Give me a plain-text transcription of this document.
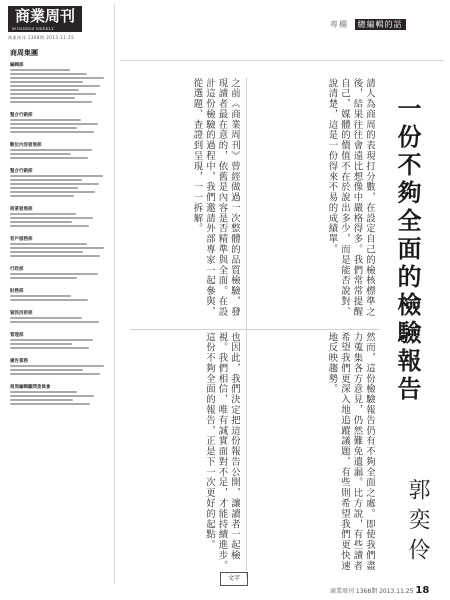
商業周刊
BUSINESS WEEKLY
商業周刊 1368期 2013.11.25
商周集團
編輯部
整合行銷部
數位內容發展部
整合行銷部
商業發展部
客戶服務部
行政部
財務部
資訊技術部
管理部
廣告業務
商周編輯顧問委員會
專欄 總編輯的話
一份不夠全面的檢驗報告
郭奕伶
請人為商周的表現打分數，在設定自己的檢核標準之後，結果往往會遠比想像中嚴格得多。我們常常提醒自己，媒體的價值不在於說出多少，而是能否說對、說清楚，這是一份得來不易的成績單。
之前《商業周刊》曾經做過一次整體的品質檢驗，發現讀者最在意的，依舊是內容是否精準與全面。在設計這份檢驗的過程中，我們邀請外部專家一起參與，從選題、查證到呈現，一一拆解。
然而，這份檢驗報告仍有不夠全面之處。即使我們盡力蒐集各方意見，仍然難免遺漏。比方說，有些讀者希望我們更深入地追蹤議題，有些則希望我們更快速地反映趨勢。
也因此，我們決定把這份報告公開，讓讀者一起檢視。我們相信，唯有誠實面對不足，才能持續進步。這份不夠全面的報告，正是下一次更好的起點。
文字
商業周刊 1368期 2013.11.25 18
